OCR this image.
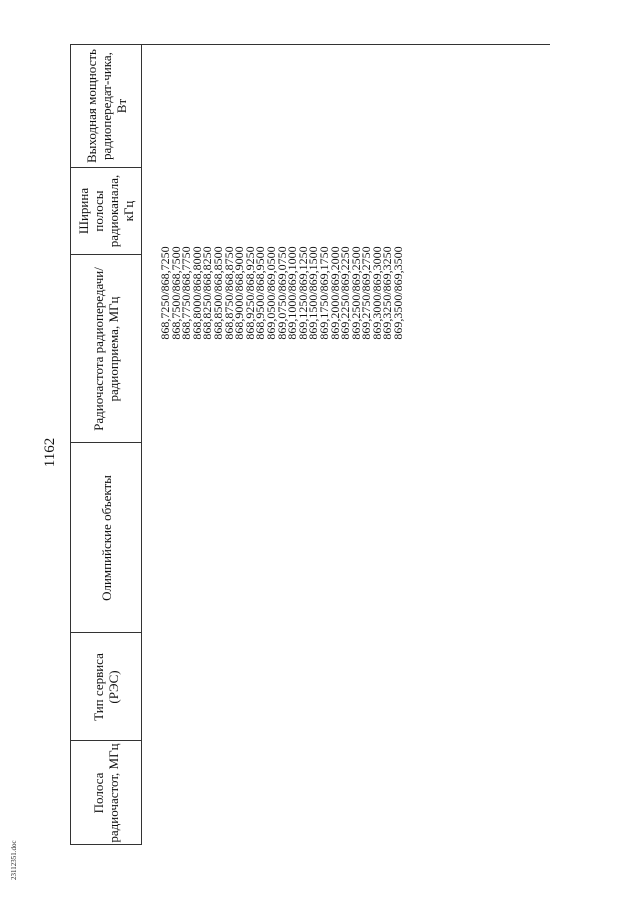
1162
Полоса радиочастот, МГц
Тип сервиса (РЭС)
Олимпийские объекты
Радиочастота радиопередачи/ радиоприема, МГц
Ширина полосы радиоканала, кГц
Выходная мощность радиопередат-чика, Вт
868,7250/868,7250
868,7500/868,7500
868,7750/868,7750
868,8000/868,8000
868,8250/868,8250
868,8500/868,8500
868,8750/868,8750
868,9000/868,9000
868,9250/868,9250
868,9500/868,9500
869,0500/869,0500
869,0750/869,0750
869,1000/869,1000
869,1250/869,1250
869,1500/869,1500
869,1750/869,1750
869,2000/869,2000
869,2250/869,2250
869,2500/869,2500
869,2750/869,2750
869,3000/869,3000
869,3250/869,3250
869,3500/869,3500
23112351.doc
